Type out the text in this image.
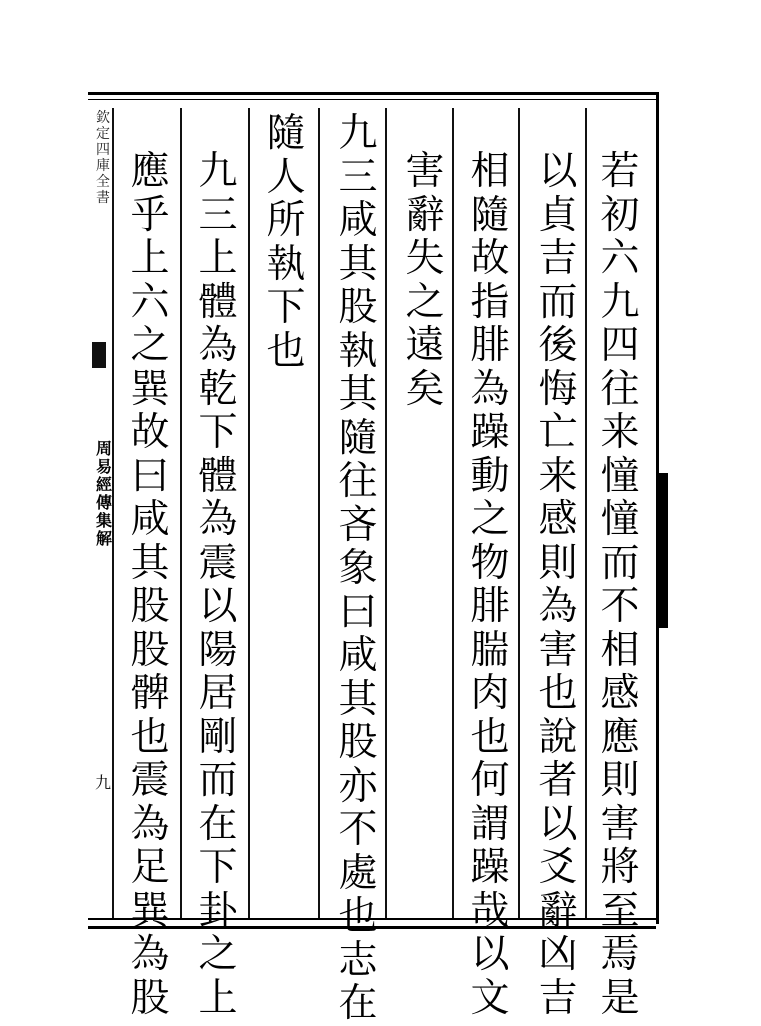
欽
定
四
庫
全
書
周
易
經
傳
集
解
九
若
初
六
九
四
往
来
憧
憧
而
不
相
感
應
則
害
將
至
焉
是
以
貞
吉
而
後
悔
亡
来
感
則
為
害
也
說
者
以
爻
辭
凶
吉
相
隨
故
指
腓
為
躁
動
之
物
腓
腨
肉
也
何
謂
躁
哉
以
文
害
辭
失
之
遠
矣
九
三
咸
其
股
執
其
隨
往
吝
象
曰
咸
其
股
亦
不
處
也
志
在
隨
人
所
執
下
也
九
三
上
體
為
乾
下
體
為
震
以
陽
居
剛
而
在
下
卦
之
上
應
乎
上
六
之
巽
故
曰
咸
其
股
股
髀
也
震
為
足
巽
為
股
